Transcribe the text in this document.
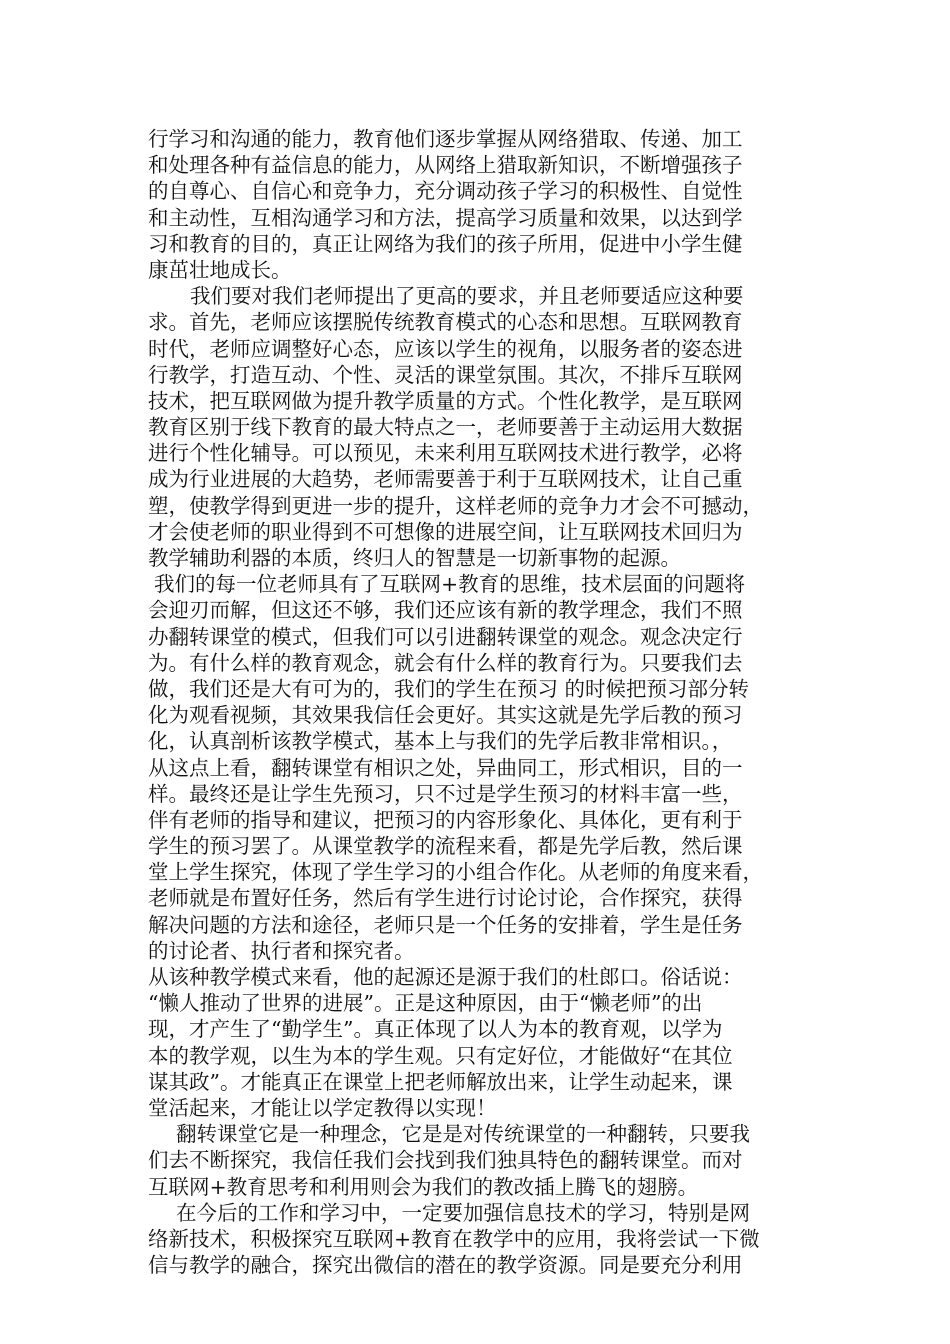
行学习和沟通的能力，教育他们逐步掌握从网络猎取、传递、加工
和处理各种有益信息的能力，从网络上猎取新知识，不断增强孩子
的自尊心、自信心和竞争力，充分调动孩子学习的积极性、自觉性
和主动性，互相沟通学习和方法，提高学习质量和效果，以达到学
习和教育的目的，真正让网络为我们的孩子所用，促进中小学生健
康茁壮地成长。
我们要对我们老师提出了更高的要求，并且老师要适应这种要
求。首先，老师应该摆脱传统教育模式的心态和思想。互联网教育
时代，老师应调整好心态，应该以学生的视角，以服务者的姿态进
行教学，打造互动、个性、灵活的课堂氛围。其次，不排斥互联网
技术，把互联网做为提升教学质量的方式。个性化教学，是互联网
教育区别于线下教育的最大特点之一，老师要善于主动运用大数据
进行个性化辅导。可以预见，未来利用互联网技术进行教学，必将
成为行业进展的大趋势，老师需要善于利于互联网技术，让自己重
塑，使教学得到更进一步的提升，这样老师的竞争力才会不可撼动，
才会使老师的职业得到不可想像的进展空间，让互联网技术回归为
教学辅助利器的本质，终归人的智慧是一切新事物的起源。
我们的每一位老师具有了互联网+教育的思维，技术层面的问题将
会迎刃而解，但这还不够，我们还应该有新的教学理念，我们不照
办翻转课堂的模式，但我们可以引进翻转课堂的观念。观念决定行
为。有什么样的教育观念，就会有什么样的教育行为。只要我们去
做，我们还是大有可为的，我们的学生在预习 的时候把预习部分转
化为观看视频，其效果我信任会更好。其实这就是先学后教的预习
化，认真剖析该教学模式，基本上与我们的先学后教非常相识。，
从这点上看，翻转课堂有相识之处，异曲同工，形式相识，目的一
样。最终还是让学生先预习，只不过是学生预习的材料丰富一些，
伴有老师的指导和建议，把预习的内容形象化、具体化，更有利于
学生的预习罢了。从课堂教学的流程来看，都是先学后教，然后课
堂上学生探究，体现了学生学习的小组合作化。从老师的角度来看，
老师就是布置好任务，然后有学生进行讨论讨论，合作探究，获得
解决问题的方法和途径，老师只是一个任务的安排着，学生是任务
的讨论者、执行者和探究者。
从该种教学模式来看，他的起源还是源于我们的杜郎口。俗话说：
“懒人推动了世界的进展”。正是这种原因，由于“懒老师”的出
现，才产生了“勤学生”。真正体现了以人为本的教育观，以学为
本的教学观，以生为本的学生观。只有定好位，才能做好“在其位
谋其政”。才能真正在课堂上把老师解放出来，让学生动起来，课
堂活起来，才能让以学定教得以实现！
翻转课堂它是一种理念，它是是对传统课堂的一种翻转，只要我
们去不断探究，我信任我们会找到我们独具特色的翻转课堂。而对
互联网+教育思考和利用则会为我们的教改插上腾飞的翅膀。
在今后的工作和学习中，一定要加强信息技术的学习，特别是网
络新技术，积极探究互联网+教育在教学中的应用，我将尝试一下微
信与教学的融合，探究出微信的潜在的教学资源。同是要充分利用
